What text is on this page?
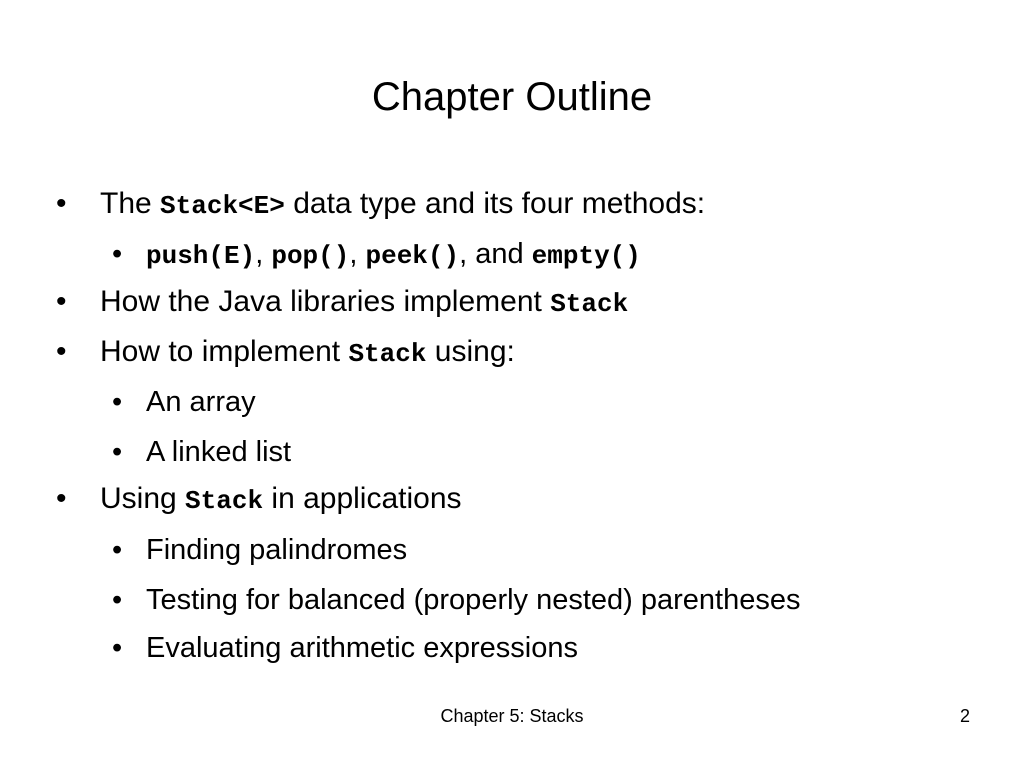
Chapter Outline
• The Stack<E> data type and its four methods:
• push(E), pop(), peek(), and empty()
• How the Java libraries implement Stack
• How to implement Stack using:
• An array
• A linked list
• Using Stack in applications
• Finding palindromes
• Testing for balanced (properly nested) parentheses
• Evaluating arithmetic expressions
Chapter 5: Stacks	2
